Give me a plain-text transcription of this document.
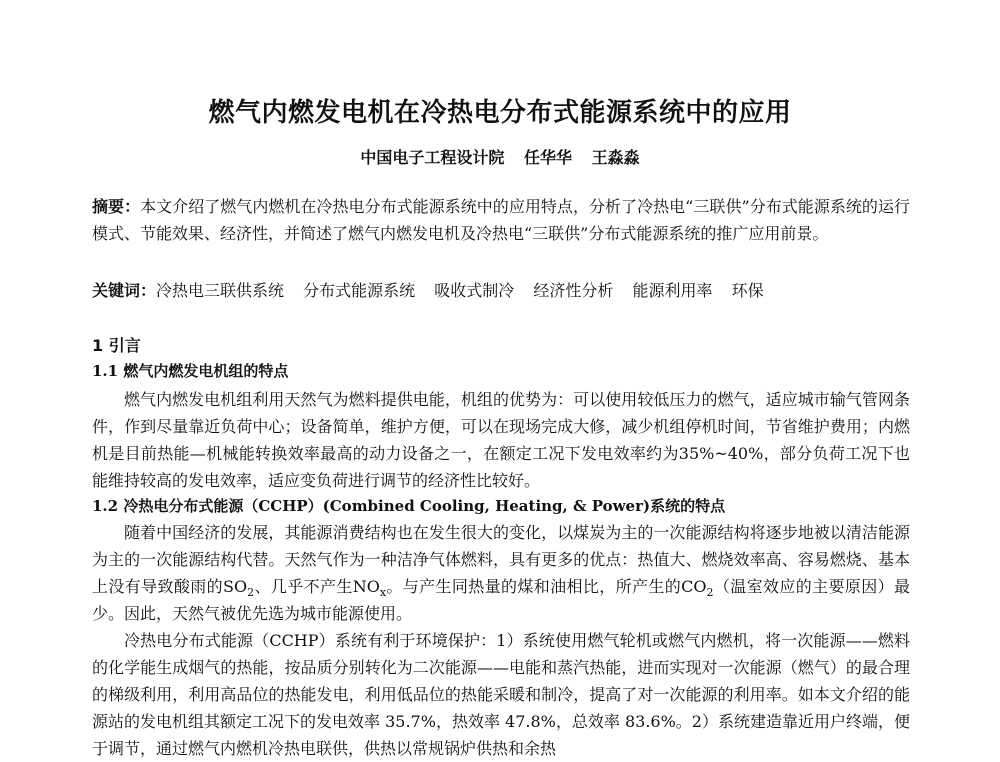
燃气内燃发电机在冷热电分布式能源系统中的应用
中国电子工程设计院 任华华 王淼淼
摘要：本文介绍了燃气内燃机在冷热电分布式能源系统中的应用特点，分析了冷热电“三联供”分布式能源系统的运行模式、节能效果、经济性，并简述了燃气内燃发电机及冷热电“三联供”分布式能源系统的推广应用前景。
关键词：冷热电三联供系统 分布式能源系统 吸收式制冷 经济性分析 能源利用率 环保
1 引言
1.1 燃气内燃发电机组的特点
燃气内燃发电机组利用天然气为燃料提供电能，机组的优势为：可以使用较低压力的燃气，适应城市输气管网条件，作到尽量靠近负荷中心；设备简单，维护方便，可以在现场完成大修，减少机组停机时间，节省维护费用；内燃机是目前热能—机械能转换效率最高的动力设备之一，在额定工况下发电效率约为35%~40%，部分负荷工况下也能维持较高的发电效率，适应变负荷进行调节的经济性比较好。
1.2 冷热电分布式能源（CCHP）(Combined Cooling, Heating, & Power)系统的特点
随着中国经济的发展，其能源消费结构也在发生很大的变化，以煤炭为主的一次能源结构将逐步地被以清洁能源为主的一次能源结构代替。天然气作为一种洁净气体燃料，具有更多的优点：热值大、燃烧效率高、容易燃烧、基本上没有导致酸雨的$SO_2$、几乎不产生$NO_x$。与产生同热量的煤和油相比，所产生的$CO_2$（温室效应的主要原因）最少。因此，天然气被优先选为城市能源使用。
冷热电分布式能源（CCHP）系统有利于环境保护：1）系统使用燃气轮机或燃气内燃机，将一次能源——燃料的化学能生成烟气的热能，按品质分别转化为二次能源——电能和蒸汽热能，进而实现对一次能源（燃气）的最合理的梯级利用，利用高品位的热能发电，利用低品位的热能采暖和制冷，提高了对一次能源的利用率。如本文介绍的能源站的发电机组其额定工况下的发电效率 35.7%，热效率 47.8%，总效率 83.6%。2）系统建造靠近用户终端，便于调节，通过燃气内燃机冷热电联供，供热以常规锅炉供热和余热
